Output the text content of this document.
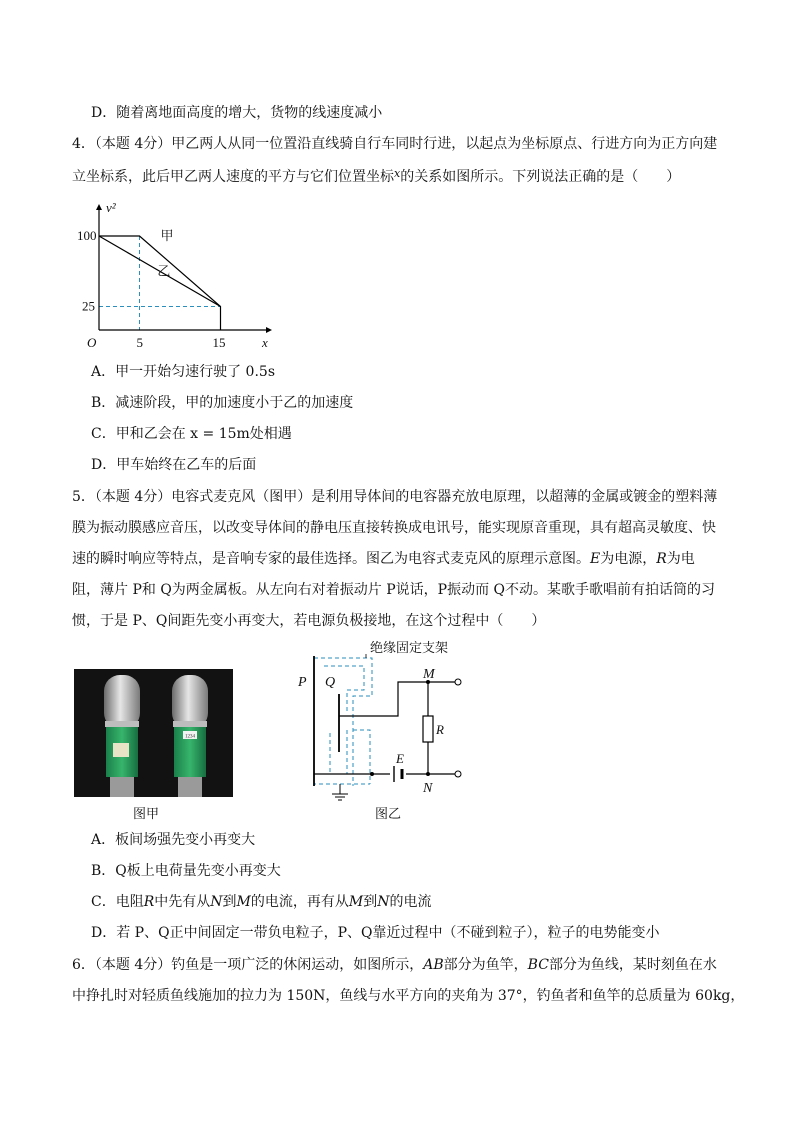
D．随着离地面高度的增大，货物的线速度减小
4．（本题 4分）甲乙两人从同一位置沿直线骑自行车同时行进，以起点为坐标原点、行进方向为正方向建
立坐标系，此后甲乙两人速度的平方与它们位置坐标$^x$的关系如图所示。下列说法正确的是（　　）
甲
乙
100
25
5	15
O	x
v²
A．甲一开始匀速行驶了 0.5s
B．减速阶段，甲的加速度小于乙的加速度
C．甲和乙会在 x = 15m处相遇
D．甲车始终在乙车的后面
5．（本题 4分）电容式麦克风（图甲）是利用导体间的电容器充放电原理，以超薄的金属或镀金的塑料薄
膜为振动膜感应音压，以改变导体间的静电压直接转换成电讯号，能实现原音重现，具有超高灵敏度、快
速的瞬时响应等特点，是音响专家的最佳选择。图乙为电容式麦克风的原理示意图。E为电源，R为电
阻，薄片 P和 Q为两金属板。从左向右对着振动片 P说话，P振动而 Q不动。某歌手歌唱前有拍话筒的习
惯，于是 P、Q间距先变小再变大，若电源负极接地，在这个过程中（　　）
1234
图甲
绝缘固定支架
P Q
M
R
E
N
图乙
A．板间场强先变小再变大
B．Q板上电荷量先变小再变大
C．电阻R中先有从N到M的电流，再有从M到N的电流
D．若 P、Q正中间固定一带负电粒子，P、Q靠近过程中（不碰到粒子），粒子的电势能变小
6．（本题 4分）钓鱼是一项广泛的休闲运动，如图所示，AB部分为鱼竿，BC部分为鱼线，某时刻鱼在水
中挣扎时对轻质鱼线施加的拉力为 150N，鱼线与水平方向的夹角为 37°，钓鱼者和鱼竿的总质量为 60kg，
